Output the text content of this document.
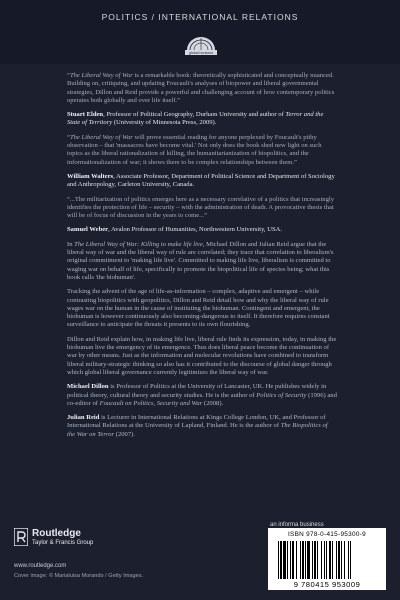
POLITICS / INTERNATIONAL RELATIONS
global horizons

“The Liberal Way of War is a remarkable book: theoretically sophisticated and conceptually nuanced. Building on, critiquing, and updating Foucault's analyses of biopower and liberal governmental strategies, Dillon and Reid provide a powerful and challenging account of how contemporary politics operates both globally and over life itself.”

Stuart Elden, Professor of Political Geography, Durham University and author of Terror and the State of Territory (University of Minnesota Press, 2009).

“The Liberal Way of War will prove essential reading for anyone perplexed by Foucault's pithy observation – that 'massacres have become vital.' Not only does the book shed new light on such topics as the liberal rationalization of killing, the humanitarianization of biopolitics, and the informationalization of war; it shows there to be complex relationships between them.”

William Walters, Associate Professor, Department of Political Science and Department of Sociology and Anthropology, Carleton University, Canada.

“...The militarization of politics emerges here as a necessary correlative of a politics that increasingly identifies the protection of life – security – with the administration of death. A provocative thesis that will be of focus of discussion in the years to come...”

Samuel Weber, Avalon Professor of Humanities, Northwestern University, USA.

In The Liberal Way of War: Killing to make life live, Michael Dillon and Julian Reid argue that the liberal way of war and the liberal way of rule are correlated; they trace that correlation to liberalism's original commitment to 'making life live'. Committed to making life live, liberalism is committed to waging war on behalf of life, specifically to promote the biopolitical life of species being; what this book calls 'the biohuman'.

Tracking the advent of the age of life-as-information – complex, adaptive and emergent – while contrasting biopolitics with geopolitics, Dillon and Reid detail how and why the liberal way of rule wages war on the human in the cause of instituting the biohuman. Contingent and emergent, the biohuman is however continuously also becoming-dangerous to itself. It therefore requires constant surveillance to anticipate the threats it presents to its own flourishing.

Dillon and Reid explain how, in making life live, liberal rule finds its expression, today, in making the biohuman live the emergency of its emergence. Thus does liberal peace become the continuation of war by other means. Just as the information and molecular revolutions have combined to transform liberal military-strategic thinking so also has it contributed to the discourse of global danger through which global liberal governance currently legitimizes the liberal way of war.

Michael Dillon is Professor of Politics at the University of Lancaster, UK. He publishes widely in political theory, cultural theory and security studies. He is the author of Politics of Security (1996) and co-editor of Foucault on Politics, Security and War (2008).

Julian Reid is Lecturer in International Relations at Kings College London, UK, and Professor of International Relations at the University of Lapland, Finland. He is the author of The Biopolitics of the War on Terror (2007).

Routledge
Taylor & Francis Group
www.routledge.com
Cover image: © Marialuisa Morando / Getty Images.
an informa business
ISBN 978-0-415-95300-9
9 780415 953009
